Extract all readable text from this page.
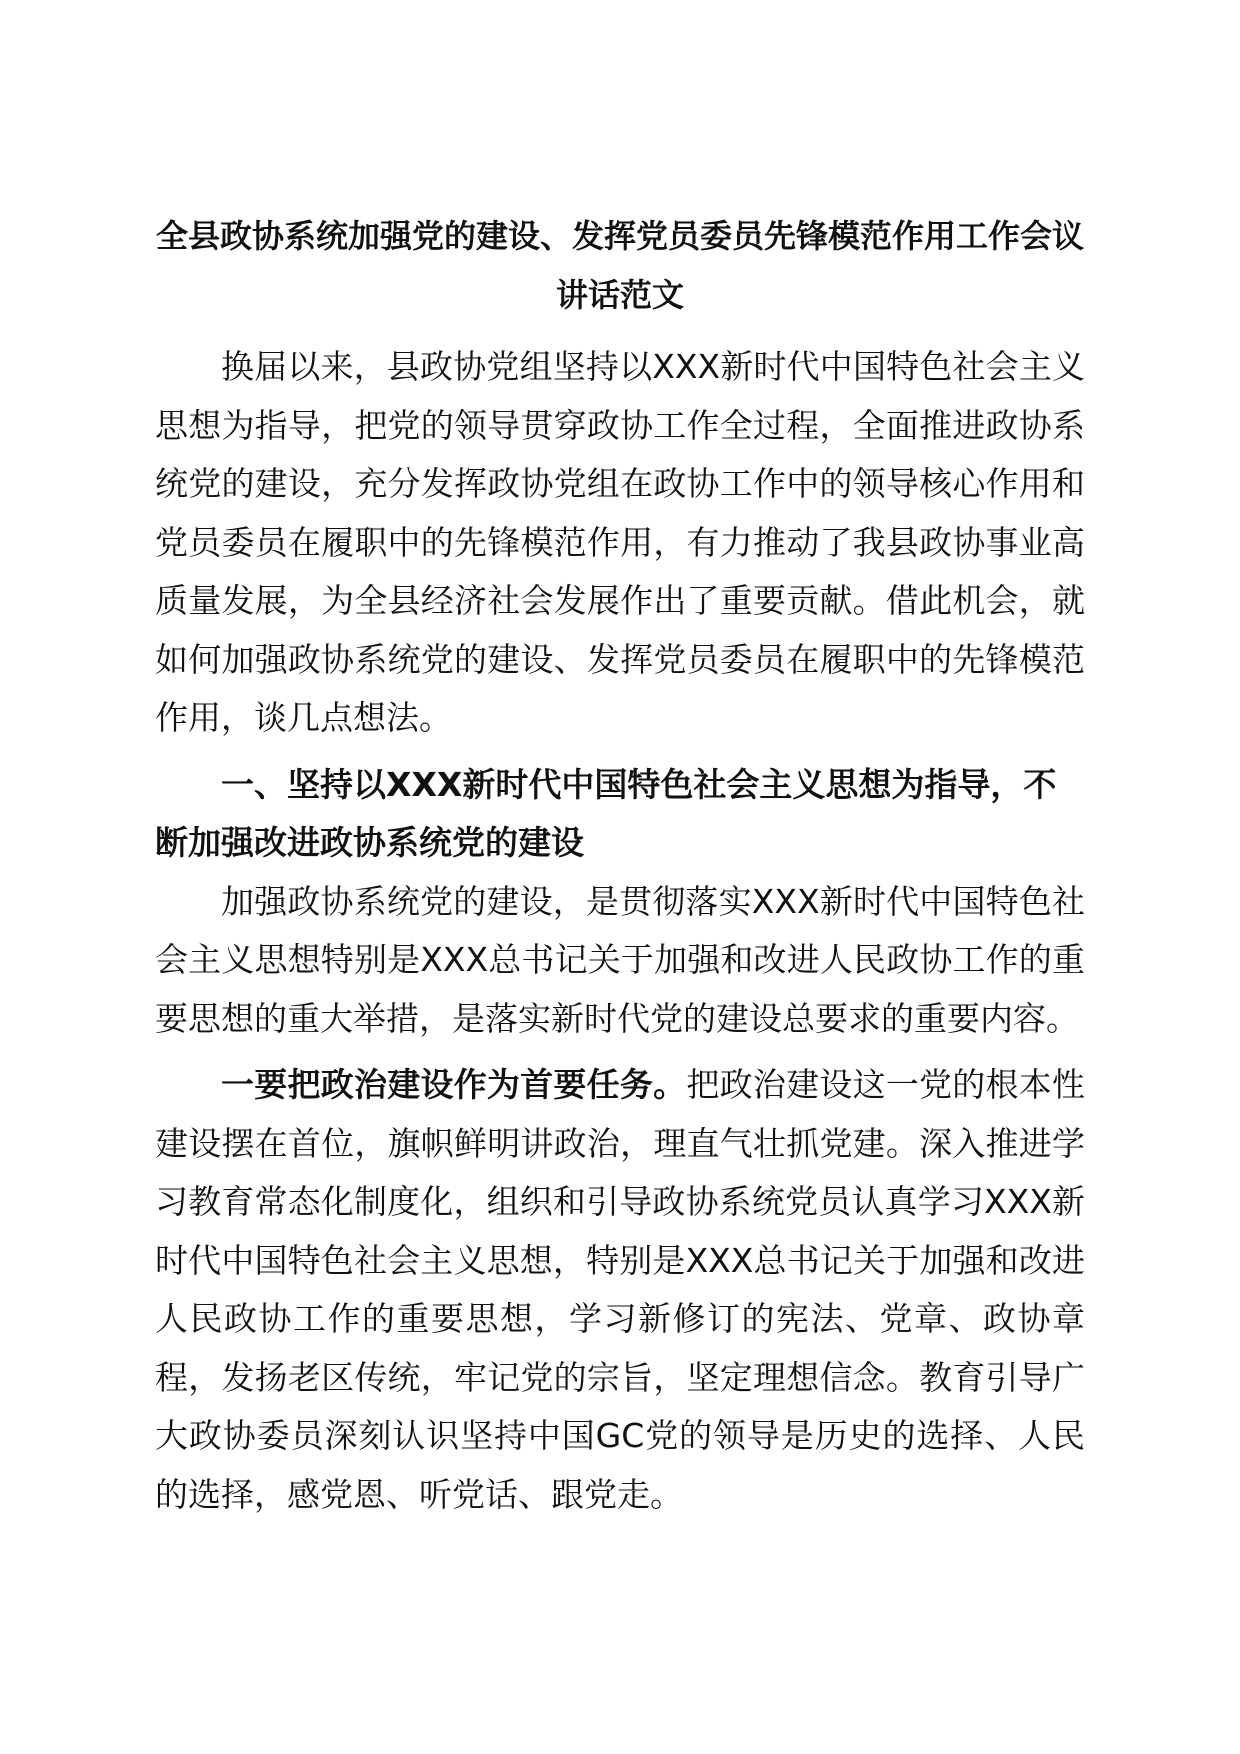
全县政协系统加强党的建设、发挥党员委员先锋模范作用工作会议讲话范文

换届以来，县政协党组坚持以XXX新时代中国特色社会主义思想为指导，把党的领导贯穿政协工作全过程，全面推进政协系统党的建设，充分发挥政协党组在政协工作中的领导核心作用和党员委员在履职中的先锋模范作用，有力推动了我县政协事业高质量发展，为全县经济社会发展作出了重要贡献。借此机会，就如何加强政协系统党的建设、发挥党员委员在履职中的先锋模范作用，谈几点想法。

一、坚持以XXX新时代中国特色社会主义思想为指导，不断加强改进政协系统党的建设

加强政协系统党的建设，是贯彻落实XXX新时代中国特色社会主义思想特别是XXX总书记关于加强和改进人民政协工作的重要思想的重大举措，是落实新时代党的建设总要求的重要内容。

一要把政治建设作为首要任务。把政治建设这一党的根本性建设摆在首位，旗帜鲜明讲政治，理直气壮抓党建。深入推进学习教育常态化制度化，组织和引导政协系统党员认真学习XXX新时代中国特色社会主义思想，特别是XXX总书记关于加强和改进人民政协工作的重要思想，学习新修订的宪法、党章、政协章程，发扬老区传统，牢记党的宗旨，坚定理想信念。教育引导广大政协委员深刻认识坚持中国GC党的领导是历史的选择、人民的选择，感党恩、听党话、跟党走。
